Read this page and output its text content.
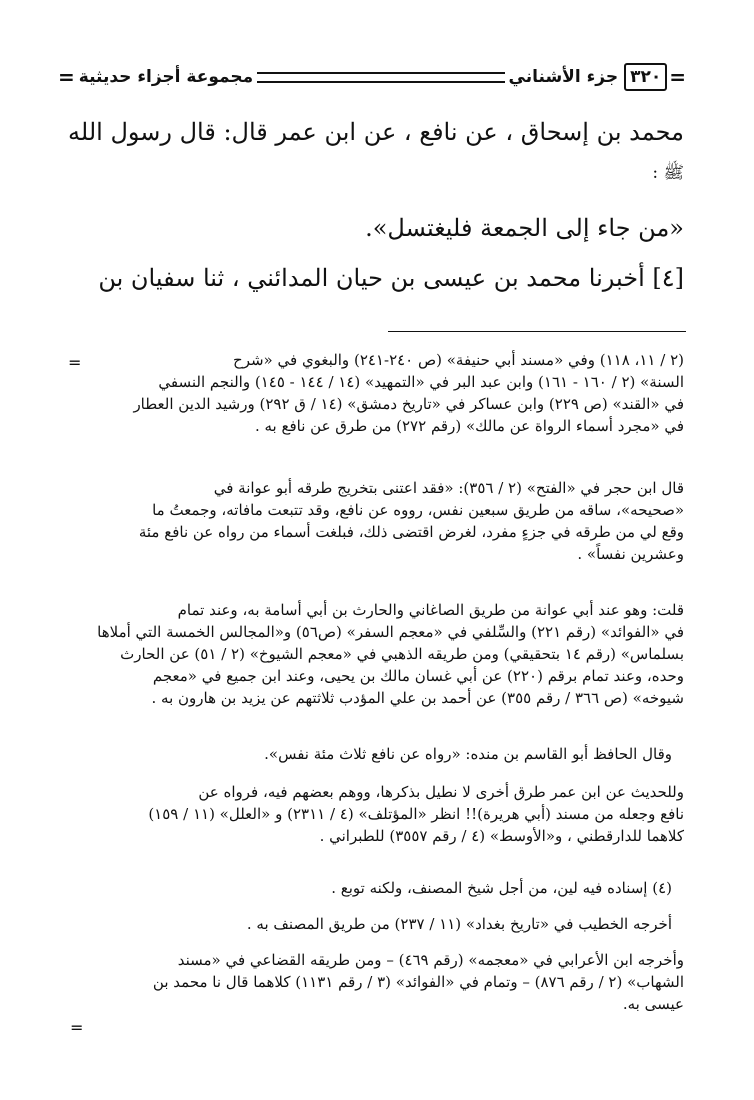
=
٣٢٠
جزء الأشناني
مجموعة أجزاء حديثية
=
محمد بن إسحاق ، عن نافع ، عن ابن عمر قال: قال رسول الله
ﷺ :
«من جاء إلى الجمعة فليغتسل».
[٤] أخبرنا محمد بن عيسى بن حيان المدائني ، ثنا سفيان بن
=	(٢ / ١١، ١١٨) وفي «مسند أبي حنيفة» (ص ٢٤٠-٢٤١) والبغوي في «شرح
السنة» (٢ / ١٦٠ - ١٦١) وابن عبد البر في «التمهيد» (١٤ / ١٤٤ - ١٤٥) والنجم النسفي
في «القند» (ص ٢٢٩) وابن عساكر في «تاريخ دمشق» (١٤ / ق ٢٩٢) ورشيد الدين العطار
في «مجرد أسماء الرواة عن مالك» (رقم ٢٧٢) من طرق عن نافع به .
قال ابن حجر في «الفتح» (٢ / ٣٥٦): «فقد اعتنى بتخريج طرقه أبو عوانة في
«صحيحه»، ساقه من طريق سبعين نفس، رووه عن نافع، وقد تتبعت مافاته، وجمعتُ ما
وقع لي من طرقه في جزءٍ مفرد، لغرض اقتضى ذلك، فبلغت أسماء من رواه عن نافع مئة
وعشرين نفساً» .
قلت: وهو عند أبي عوانة من طريق الصاغاني والحارث بن أبي أسامة به، وعند تمام
في «الفوائد» (رقم ٢٢١) والسِّلفي في «معجم السفر» (ص٥٦) و«المجالس الخمسة التي أملاها
بسلماس» (رقم ١٤ بتحقيقي) ومن طريقه الذهبي في «معجم الشيوخ» (٢ / ٥١) عن الحارث
وحده، وعند تمام برقم (٢٢٠) عن أبي غسان مالك بن يحيى، وعند ابن جميع في «معجم
شيوخه» (ص ٣٦٦ / رقم ٣٥٥) عن أحمد بن علي المؤدب ثلاثتهم عن يزيد بن هارون به .
وقال الحافظ أبو القاسم بن منده: «رواه عن نافع ثلاث مئة نفس».
وللحديث عن ابن عمر طرق أخرى لا نطيل بذكرها، ووهم بعضهم فيه، فرواه عن
نافع وجعله من مسند (أبي هريرة)!! انظر «المؤتلف» (٤ / ٢٣١١) و «العلل» (١١ / ١٥٩)
كلاهما للدارقطني ، و«الأوسط» (٤ / رقم ٣٥٥٧) للطبراني .
(٤) إسناده فيه لين، من أجل شيخ المصنف، ولكنه توبع .
أخرجه الخطيب في «تاريخ بغداد» (١١ / ٢٣٧) من طريق المصنف به .
وأخرجه ابن الأعرابي في «معجمه» (رقم ٤٦٩) – ومن طريقه القضاعي في «مسند
الشهاب» (٢ / رقم ٨٧٦) – وتمام في «الفوائد» (٣ / رقم ١١٣١) كلاهما قال نا محمد بن
عيسى به.
=
